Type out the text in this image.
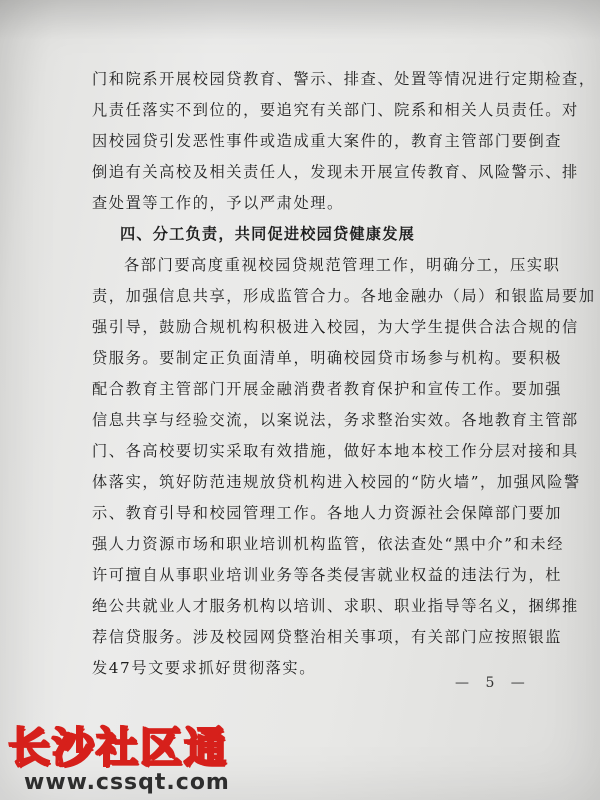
门和院系开展校园贷教育、警示、排查、处置等情况进行定期检查，
凡责任落实不到位的，要追究有关部门、院系和相关人员责任。对
因校园贷引发恶性事件或造成重大案件的，教育主管部门要倒查
倒追有关高校及相关责任人，发现未开展宣传教育、风险警示、排
查处置等工作的，予以严肃处理。
四、分工负责，共同促进校园贷健康发展
各部门要高度重视校园贷规范管理工作，明确分工，压实职
责，加强信息共享，形成监管合力。各地金融办（局）和银监局要加
强引导，鼓励合规机构积极进入校园，为大学生提供合法合规的信
贷服务。要制定正负面清单，明确校园贷市场参与机构。要积极
配合教育主管部门开展金融消费者教育保护和宣传工作。要加强
信息共享与经验交流，以案说法，务求整治实效。各地教育主管部
门、各高校要切实采取有效措施，做好本地本校工作分层对接和具
体落实，筑好防范违规放贷机构进入校园的“防火墙”，加强风险警
示、教育引导和校园管理工作。各地人力资源社会保障部门要加
强人力资源市场和职业培训机构监管，依法查处“黑中介”和未经
许可擅自从事职业培训业务等各类侵害就业权益的违法行为，杜
绝公共就业人才服务机构以培训、求职、职业指导等名义，捆绑推
荐信贷服务。涉及校园网贷整治相关事项，有关部门应按照银监
发47号文要求抓好贯彻落实。
— 5 —
长沙社区通
www.cssqt.com
